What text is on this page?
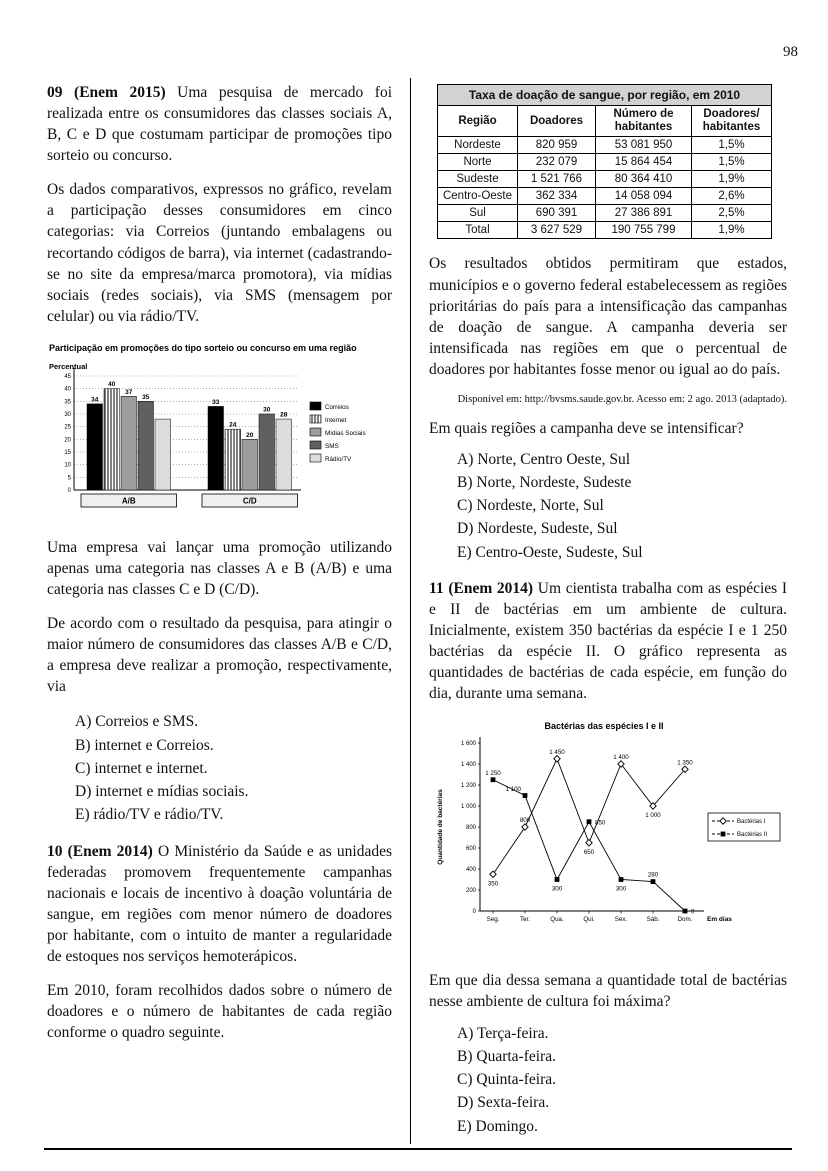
98

09 (Enem 2015) Uma pesquisa de mercado foi realizada entre os consumidores das classes sociais A, B, C e D que costumam participar de promoções tipo sorteio ou concurso.

Os dados comparativos, expressos no gráfico, revelam a participação desses consumidores em cinco categorias: via Correios (juntando embalagens ou recortando códigos de barra), via internet (cadastrando-se no site da empresa/marca promotora), via mídias sociais (redes sociais), via SMS (mensagem por celular) ou via rádio/TV.

Participação em promoções do tipo sorteio ou concurso em uma região
Percentual
0
5
10
15
20
25
30
35
40
45
34
40
37
35
A/B
33
24
20
30
28
C/D
Correios
Internet
Mídias Sociais
SMS
Rádio/TV

Uma empresa vai lançar uma promoção utilizando apenas uma categoria nas classes A e B (A/B) e uma categoria nas classes C e D (C/D).

De acordo com o resultado da pesquisa, para atingir o maior número de consumidores das classes A/B e C/D, a empresa deve realizar a promoção, respectivamente, via

A) Correios e SMS.
B) internet e Correios.
C) internet e internet.
D) internet e mídias sociais.
E) rádio/TV e rádio/TV.

10 (Enem 2014) O Ministério da Saúde e as unidades federadas promovem frequentemente campanhas nacionais e locais de incentivo à doação voluntária de sangue, em regiões com menor número de doadores por habitante, com o intuito de manter a regularidade de estoques nos serviços hemoterápicos.

Em 2010, foram recolhidos dados sobre o número de doadores e o número de habitantes de cada região conforme o quadro seguinte.

Taxa de doação de sangue, por região, em 2010			
Região	Doadores	Número de habitantes	Doadores/ habitantes
Nordeste	820 959	53 081 950	1,5%
Norte	232 079	15 864 454	1,5%
Sudeste	1 521 766	80 364 410	1,9%
Centro-Oeste	362 334	14 058 094	2,6%
Sul	690 391	27 386 891	2,5%
Total	3 627 529	190 755 799	1,9%

Os resultados obtidos permitiram que estados, municípios e o governo federal estabelecessem as regiões prioritárias do país para a intensificação das campanhas de doação de sangue. A campanha deveria ser intensificada nas regiões em que o percentual de doadores por habitantes fosse menor ou igual ao do país.

Disponível em: http://bvsms.saude.gov.br. Acesso em: 2 ago. 2013 (adaptado).

Em quais regiões a campanha deve se intensificar?

A) Norte, Centro Oeste, Sul
B) Norte, Nordeste, Sudeste
C) Nordeste, Norte, Sul
D) Nordeste, Sudeste, Sul
E) Centro-Oeste, Sudeste, Sul

11 (Enem 2014) Um cientista trabalha com as espécies I e II de bactérias em um ambiente de cultura. Inicialmente, existem 350 bactérias da espécie I e 1 250 bactérias da espécie II. O gráfico representa as quantidades de bactérias de cada espécie, em função do dia, durante uma semana.

Bactérias das espécies I e II
Quantidade de bactérias
0
200
400
600
800
1 000
1 200
1 400
1 600
Seg.	Ter.	Qua.	Qui.	Sex.	Sáb.	Dom. Em dias
350
800
1 450
650
1 400
1 000
1 350
1 250
1 100
300
850
300
280
0
Bactérias I
Bactérias II

Em que dia dessa semana a quantidade total de bactérias nesse ambiente de cultura foi máxima?

A) Terça-feira.
B) Quarta-feira.
C) Quinta-feira.
D) Sexta-feira.
E) Domingo.
